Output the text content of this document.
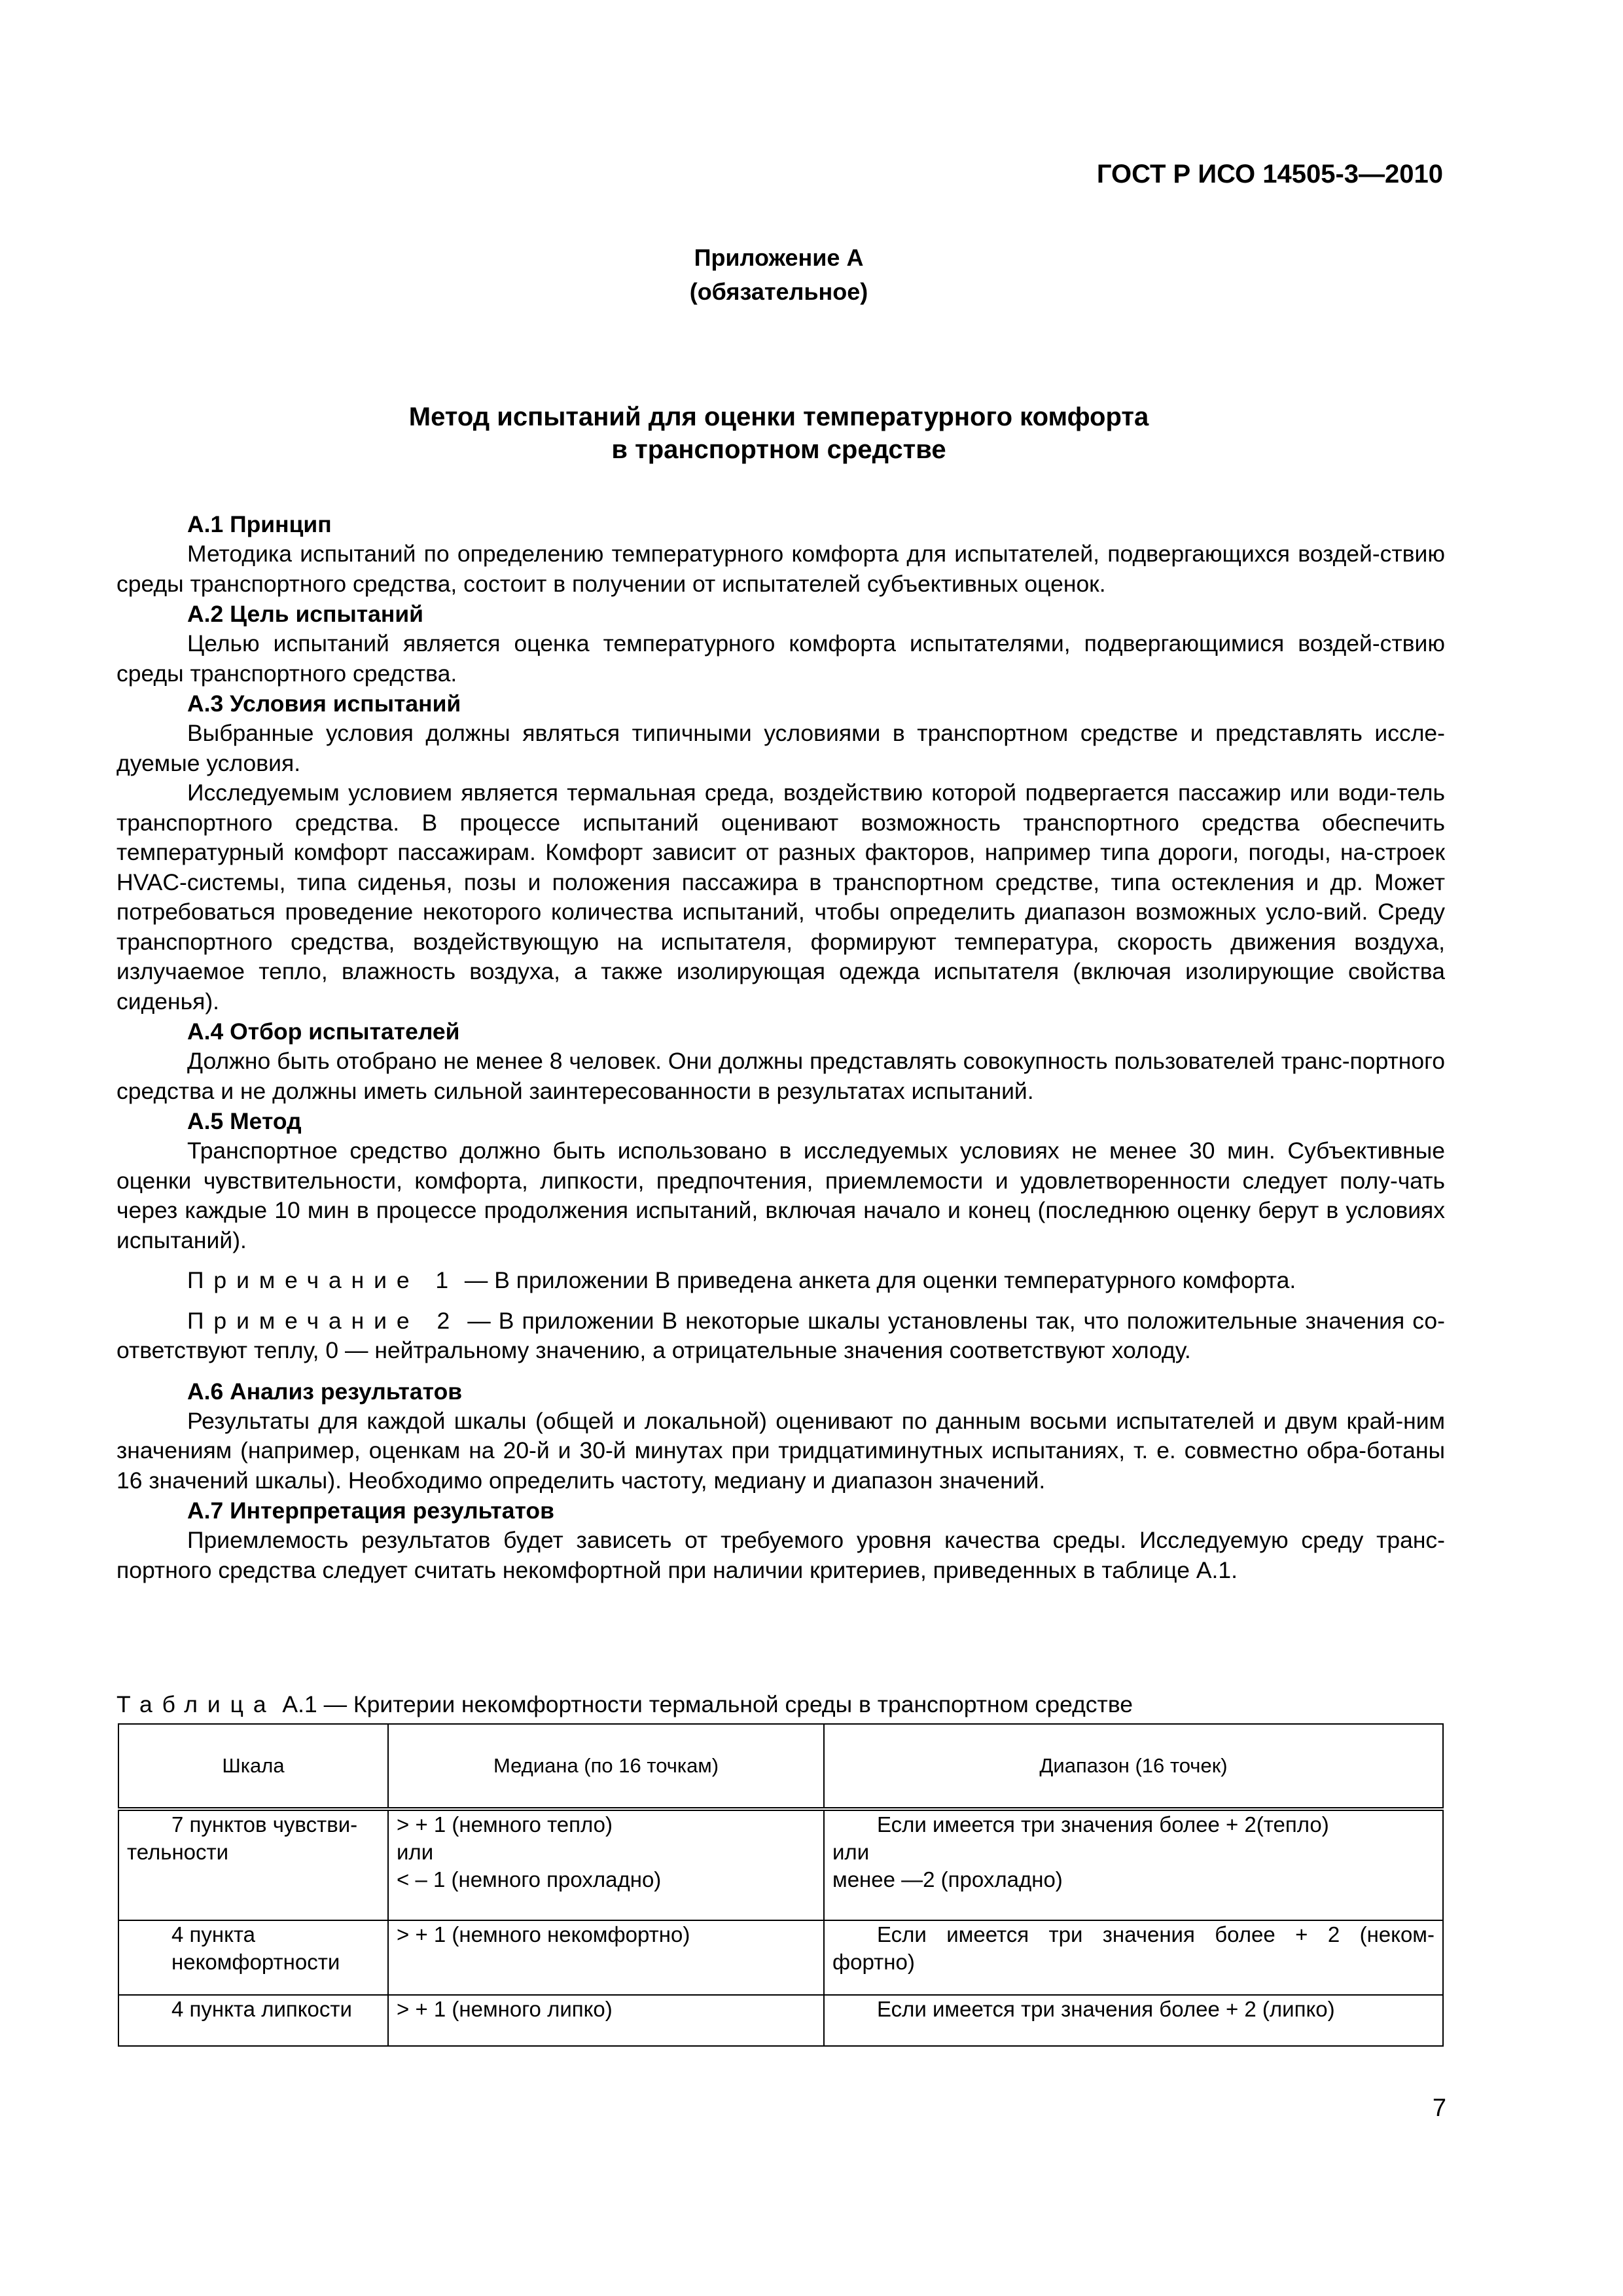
ГОСТ Р ИСО 14505-3—2010
Приложение А
(обязательное)
Метод испытаний для оценки температурного комфорта
в транспортном средстве
А.1 Принцип

Методика испытаний по определению температурного комфорта для испытателей, подвергающихся воздей-ствию среды транспортного средства, состоит в получении от испытателей субъективных оценок.

А.2 Цель испытаний

Целью испытаний является оценка температурного комфорта испытателями, подвергающимися воздей-ствию среды транспортного средства.

А.3 Условия испытаний

Выбранные условия должны являться типичными условиями в транспортном средстве и представлять иссле-дуемые условия.

Исследуемым условием является термальная среда, воздействию которой подвергается пассажир или води-тель транспортного средства. В процессе испытаний оценивают возможность транспортного средства обеспечить температурный комфорт пассажирам. Комфорт зависит от разных факторов, например типа дороги, погоды, на-строек HVAC-системы, типа сиденья, позы и положения пассажира в транспортном средстве, типа остекления и др. Может потребоваться проведение некоторого количества испытаний, чтобы определить диапазон возможных усло-вий. Среду транспортного средства, воздействующую на испытателя, формируют температура, скорость движения воздуха, излучаемое тепло, влажность воздуха, а также изолирующая одежда испытателя (включая изолирующие свойства сиденья).

А.4 Отбор испытателей

Должно быть отобрано не менее 8 человек. Они должны представлять совокупность пользователей транс-портного средства и не должны иметь сильной заинтересованности в результатах испытаний.

А.5 Метод

Транспортное средство должно быть использовано в исследуемых условиях не менее 30 мин. Субъективные оценки чувствительности, комфорта, липкости, предпочтения, приемлемости и удовлетворенности следует полу-чать через каждые 10 мин в процессе продолжения испытаний, включая начало и конец (последнюю оценку берут в условиях испытаний).

Примечание 1 — В приложении В приведена анкета для оценки температурного комфорта.

Примечание 2 — В приложении В некоторые шкалы установлены так, что положительные значения со-ответствуют теплу, 0 — нейтральному значению, а отрицательные значения соответствуют холоду.

А.6 Анализ результатов

Результаты для каждой шкалы (общей и локальной) оценивают по данным восьми испытателей и двум край-ним значениям (например, оценкам на 20-й и 30-й минутах при тридцатиминутных испытаниях, т. е. совместно обра-ботаны 16 значений шкалы). Необходимо определить частоту, медиану и диапазон значений.

А.7 Интерпретация результатов

Приемлемость результатов будет зависеть от требуемого уровня качества среды. Исследуемую среду транс-портного средства следует считать некомфортной при наличии критериев, приведенных в таблице А.1.

Таблица А.1 — Критерии некомфортности термальной среды в транспортном средстве
Шкала	Медиана (по 16 точкам)	Диапазон (16 точек)

7 пунктов чувстви-
тельности	> + 1 (немного тепло)
или
< – 1 (немного прохладно)	Если имеется три значения более + 2(тепло)
или
менее —2 (прохладно)

4 пункта некомфортности	> + 1 (немного некомфортно)	Если имеется три значения более + 2 (неком-
фортно)

4 пункта липкости	> + 1 (немного липко)	Если имеется три значения более + 2 (липко)
7
